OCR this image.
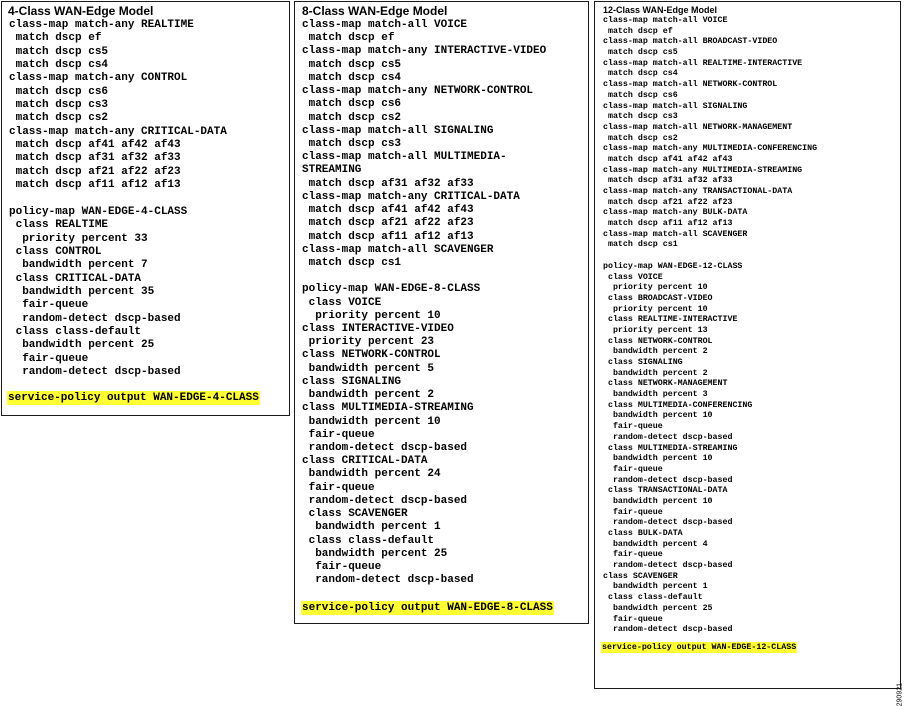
4-Class WAN-Edge Model
class-map match-any REALTIME
match dscp ef
match dscp cs5
match dscp cs4
class-map match-any CONTROL
match dscp cs6
match dscp cs3
match dscp cs2
class-map match-any CRITICAL-DATA
match dscp af41 af42 af43
match dscp af31 af32 af33
match dscp af21 af22 af23
match dscp af11 af12 af13

policy-map WAN-EDGE-4-CLASS
class REALTIME
priority percent 33
class CONTROL
bandwidth percent 7
class CRITICAL-DATA
bandwidth percent 35
fair-queue
random-detect dscp-based
class class-default
bandwidth percent 25
fair-queue
random-detect dscp-based
service-policy output WAN-EDGE-4-CLASS
8-Class WAN-Edge Model
class-map match-all VOICE
match dscp ef
class-map match-any INTERACTIVE-VIDEO
match dscp cs5
match dscp cs4
class-map match-any NETWORK-CONTROL
match dscp cs6
match dscp cs2
class-map match-all SIGNALING
match dscp cs3
class-map match-all MULTIMEDIA-
STREAMING
match dscp af31 af32 af33
class-map match-any CRITICAL-DATA
match dscp af41 af42 af43
match dscp af21 af22 af23
match dscp af11 af12 af13
class-map match-all SCAVENGER
match dscp cs1

policy-map WAN-EDGE-8-CLASS
class VOICE
priority percent 10
class INTERACTIVE-VIDEO
priority percent 23
class NETWORK-CONTROL
bandwidth percent 5
class SIGNALING
bandwidth percent 2
class MULTIMEDIA-STREAMING
bandwidth percent 10
fair-queue
random-detect dscp-based
class CRITICAL-DATA
bandwidth percent 24
fair-queue
random-detect dscp-based
class SCAVENGER
bandwidth percent 1
class class-default
bandwidth percent 25
fair-queue
random-detect dscp-based
service-policy output WAN-EDGE-8-CLASS
12-Class WAN-Edge Model
class-map match-all VOICE
match dscp ef
class-map match-all BROADCAST-VIDEO
match dscp cs5
class-map match-all REALTIME-INTERACTIVE
match dscp cs4
class-map match-all NETWORK-CONTROL
match dscp cs6
class-map match-all SIGNALING
match dscp cs3
class-map match-all NETWORK-MANAGEMENT
match dscp cs2
class-map match-any MULTIMEDIA-CONFERENCING
match dscp af41 af42 af43
class-map match-any MULTIMEDIA-STREAMING
match dscp af31 af32 af33
class-map match-any TRANSACTIONAL-DATA
match dscp af21 af22 af23
class-map match-any BULK-DATA
match dscp af11 af12 af13
class-map match-all SCAVENGER
match dscp cs1

policy-map WAN-EDGE-12-CLASS
class VOICE
priority percent 10
class BROADCAST-VIDEO
priority percent 10
class REALTIME-INTERACTIVE
priority percent 13
class NETWORK-CONTROL
bandwidth percent 2
class SIGNALING
bandwidth percent 2
class NETWORK-MANAGEMENT
bandwidth percent 3
class MULTIMEDIA-CONFERENCING
bandwidth percent 10
fair-queue
random-detect dscp-based
class MULTIMEDIA-STREAMING
bandwidth percent 10
fair-queue
random-detect dscp-based
class TRANSACTIONAL-DATA
bandwidth percent 10
fair-queue
random-detect dscp-based
class BULK-DATA
bandwidth percent 4
fair-queue
random-detect dscp-based
class SCAVENGER
bandwidth percent 1
class class-default
bandwidth percent 25
fair-queue
random-detect dscp-based
service-policy output WAN-EDGE-12-CLASS
290921
